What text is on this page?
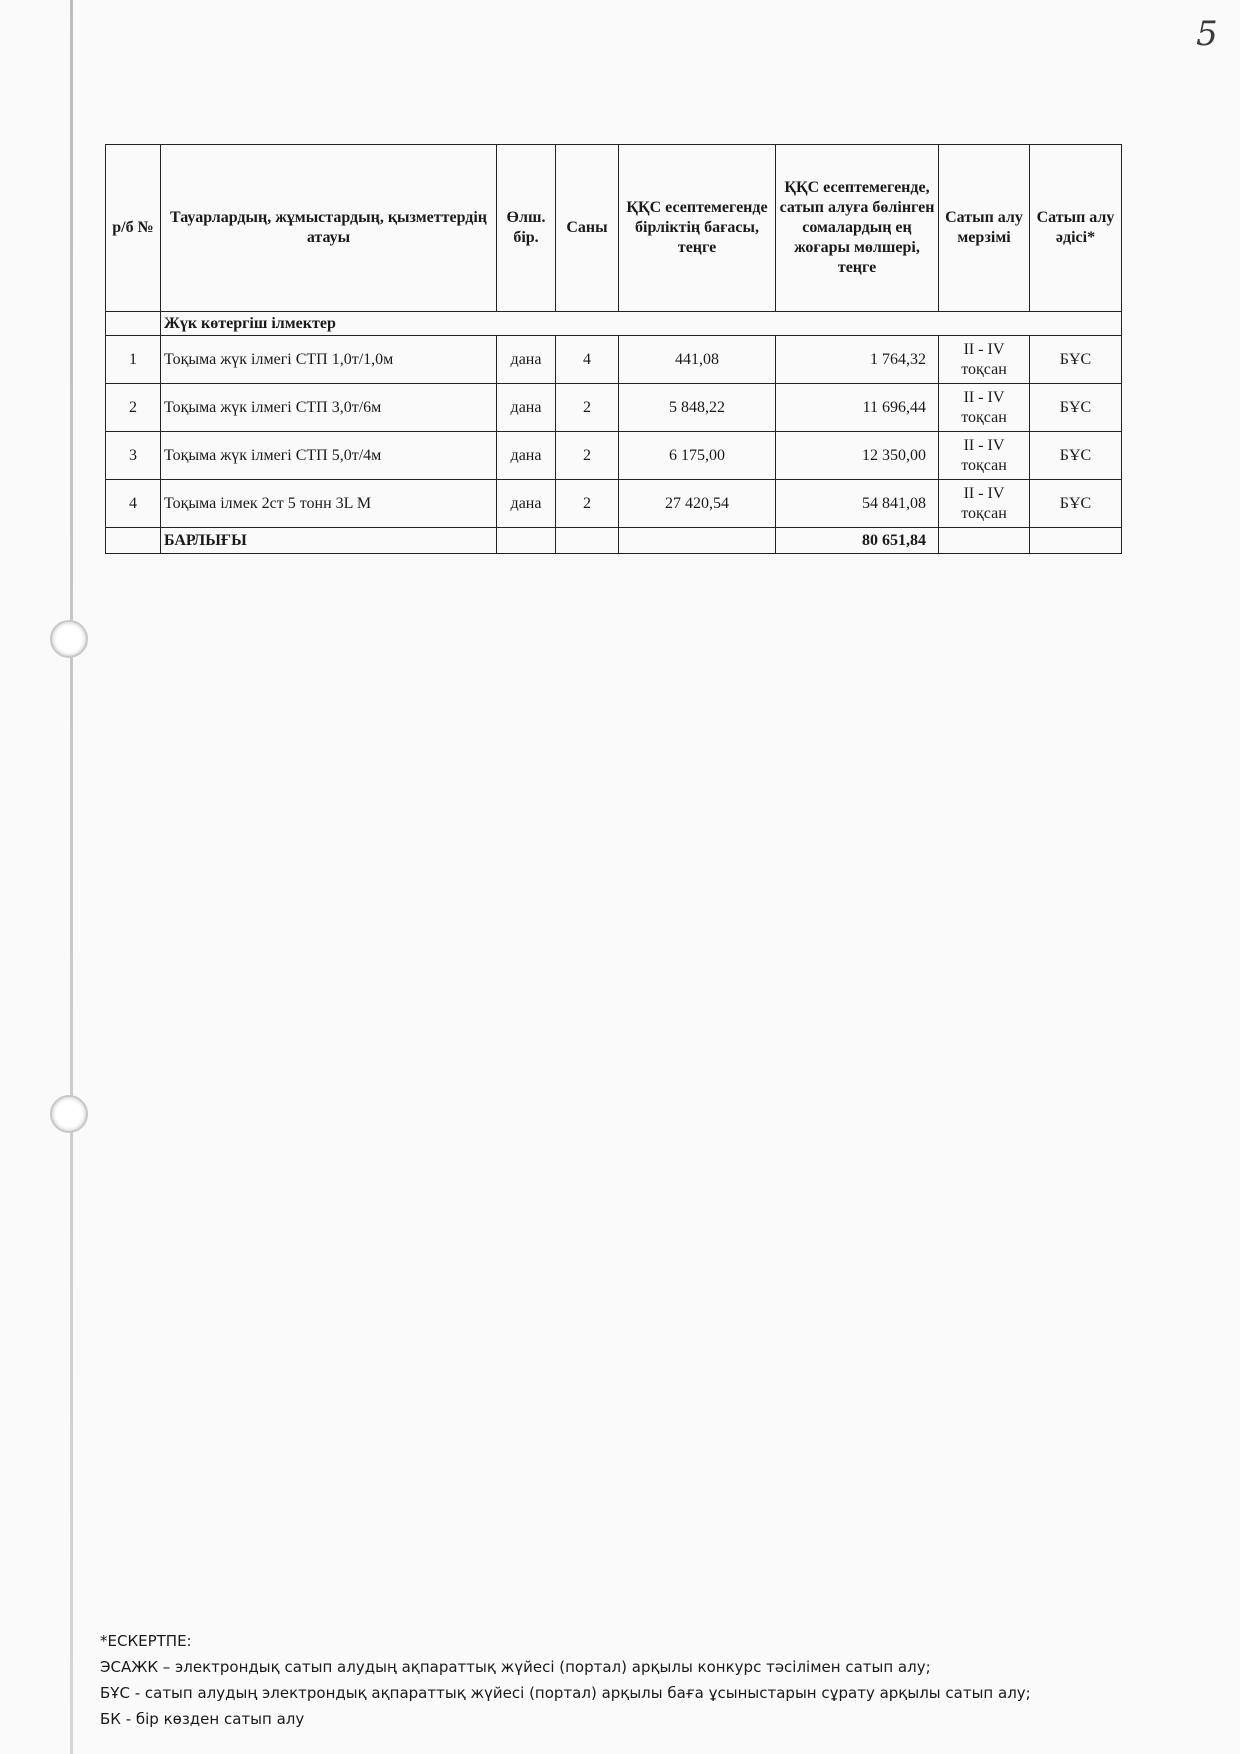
5
р/б №	Тауарлардың, жұмыстардың, қызметтердің атауы	Өлш. бір.	Саны	ҚҚС есептемегенде бірліктің бағасы, теңге	ҚҚС есептемегенде, сатып алуға бөлінген сомалардың ең жоғары мөлшері, теңге	Сатып алу мерзімі	Сатып алу әдісі*
	Жүк көтергіш ілмектер						
1	Тоқыма жүк ілмегі СТП 1,0т/1,0м	дана	4	441,08	1 764,32	II - IV тоқсан	БҰС
2	Тоқыма жүк ілмегі СТП 3,0т/6м	дана	2	5 848,22	11 696,44	II - IV тоқсан	БҰС
3	Тоқыма жүк ілмегі СТП 5,0т/4м	дана	2	6 175,00	12 350,00	II - IV тоқсан	БҰС
4	Тоқыма ілмек 2ст 5 тонн 3L М	дана	2	27 420,54	54 841,08	II - IV тоқсан	БҰС
	БАРЛЫҒЫ				80 651,84		
*ЕСКЕРТПЕ:
ЭСАЖК – электрондық сатып алудың ақпараттық жүйесі (портал) арқылы конкурс тәсілімен сатып алу;
БҰС - сатып алудың электрондық ақпараттық жүйесі (портал) арқылы баға ұсыныстарын сұрату арқылы сатып алу;
БК - бір көзден сатып алу
